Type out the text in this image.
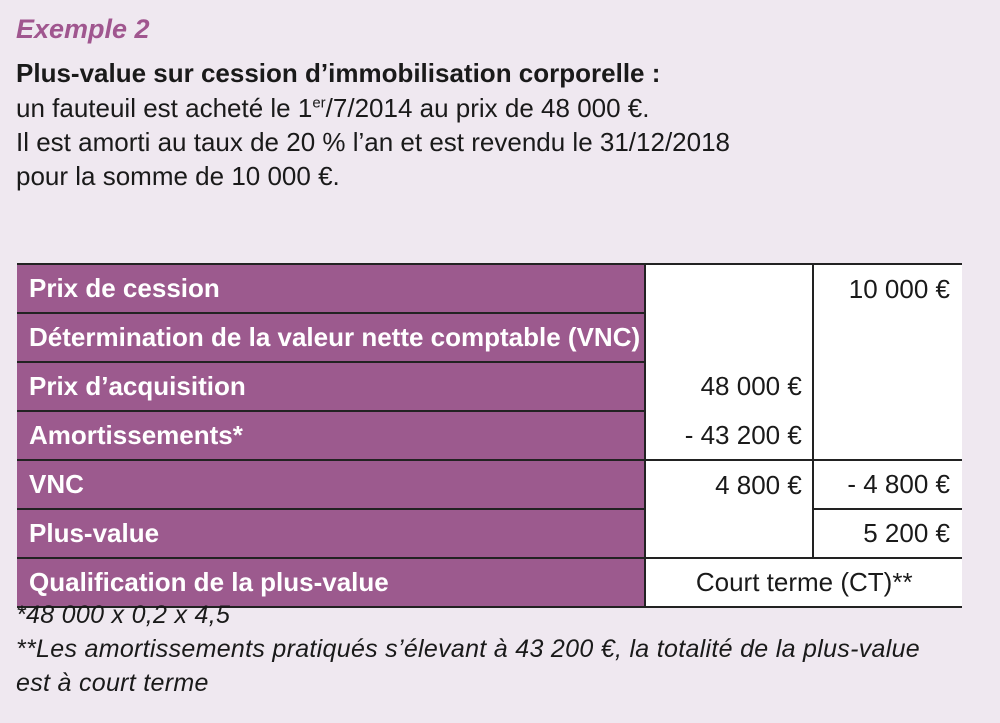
Exemple 2
Plus-value sur cession d’immobilisation corporelle :
un fauteuil est acheté le 1er/7/2014 au prix de 48 000 €.
Il est amorti au taux de 20 % l’an et est revendu le 31/12/2018
pour la somme de 10 000 €.
Prix de cession		10 000 €
Détermination de la valeur nette comptable (VNC)		
Prix d’acquisition	48 000 €	
Amortissements*	- 43 200 €	
VNC	4 800 €	- 4 800 €
Plus-value		5 200 €
Qualification de la plus-value	Court terme (CT)**	
*48 000 x 0,2 x 4,5
**Les amortissements pratiqués s’élevant à 43 200 €, la totalité de la plus-value est à court terme
